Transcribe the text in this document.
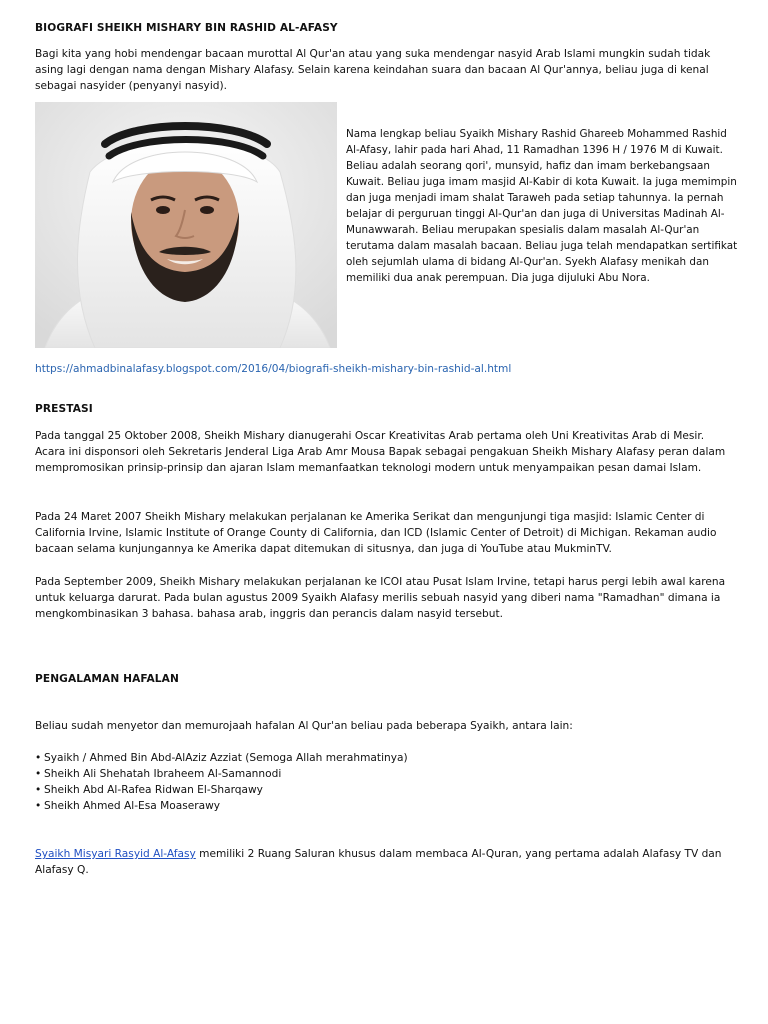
BIOGRAFI SHEIKH MISHARY BIN RASHID AL-AFASY

Bagi kita yang hobi mendengar bacaan murottal Al Qur'an atau yang suka mendengar nasyid Arab Islami mungkin sudah tidak asing lagi dengan nama dengan Mishary Alafasy. Selain karena keindahan suara dan bacaan Al Qur'annya, beliau juga di kenal sebagai nasyider (penyanyi nasyid).

Nama lengkap beliau Syaikh Mishary Rashid Ghareeb Mohammed Rashid Al-Afasy, lahir pada hari Ahad, 11 Ramadhan 1396 H / 1976 M di Kuwait. Beliau adalah seorang qori', munsyid, hafiz dan imam berkebangsaan Kuwait. Beliau juga imam masjid Al-Kabir di kota Kuwait. Ia juga memimpin dan juga menjadi imam shalat Taraweh pada setiap tahunnya. Ia pernah belajar di perguruan tinggi Al-Qur'an dan juga di Universitas Madinah Al-Munawwarah. Beliau merupakan spesialis dalam masalah Al-Qur'an terutama dalam masalah bacaan. Beliau juga telah mendapatkan sertifikat oleh sejumlah ulama di bidang Al-Qur'an. Syekh Alafasy menikah dan memiliki dua anak perempuan. Dia juga dijuluki Abu Nora.

https://ahmadbinalafasy.blogspot.com/2016/04/biografi-sheikh-mishary-bin-rashid-al.html
PRESTASI

Pada tanggal 25 Oktober 2008, Sheikh Mishary dianugerahi Oscar Kreativitas Arab pertama oleh Uni Kreativitas Arab di Mesir. Acara ini disponsori oleh Sekretaris Jenderal Liga Arab Amr Mousa Bapak sebagai pengakuan Sheikh Mishary Alafasy peran dalam mempromosikan prinsip-prinsip dan ajaran Islam memanfaatkan teknologi modern untuk menyampaikan pesan damai Islam.

Pada 24 Maret 2007 Sheikh Mishary melakukan perjalanan ke Amerika Serikat dan mengunjungi tiga masjid: Islamic Center di California Irvine, Islamic Institute of Orange County di California, dan ICD (Islamic Center of Detroit) di Michigan. Rekaman audio bacaan selama kunjungannya ke Amerika dapat ditemukan di situsnya, dan juga di YouTube atau MukminTV.

Pada September 2009, Sheikh Mishary melakukan perjalanan ke ICOI atau Pusat Islam Irvine, tetapi harus pergi lebih awal karena untuk keluarga darurat. Pada bulan agustus 2009 Syaikh Alafasy merilis sebuah nasyid yang diberi nama "Ramadhan" dimana ia mengkombinasikan 3 bahasa. bahasa arab, inggris dan perancis dalam nasyid tersebut.

PENGALAMAN HAFALAN

Beliau sudah menyetor dan memurojaah hafalan Al Qur'an beliau pada beberapa Syaikh, antara lain:

• Syaikh / Ahmed Bin Abd-AlAziz Azziat (Semoga Allah merahmatinya)
• Sheikh Ali Shehatah Ibraheem Al-Samannodi
• Sheikh Abd Al-Rafea Ridwan El-Sharqawy
• Sheikh Ahmed Al-Esa Moaserawy

Syaikh Misyari Rasyid Al-Afasy memiliki 2 Ruang Saluran khusus dalam membaca Al-Quran, yang pertama adalah Alafasy TV dan Alafasy Q.
